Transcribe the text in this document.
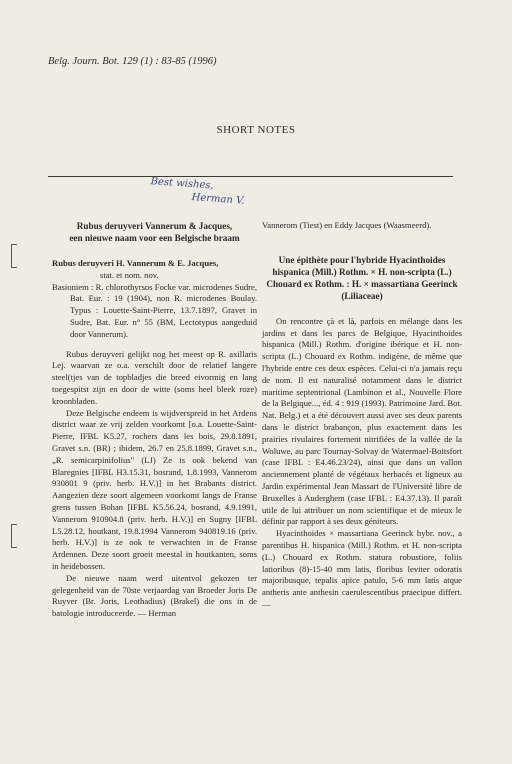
Belg. Journ. Bot. 129 (1) : 83-85 (1996)
SHORT NOTES
Best wishes,
Herman V.

Rubus deruyveri Vannerum & Jacques,
een nieuwe naam voor een Belgische braam

Rubus deruyveri H. Vannerum & E. Jacques,

stat. et nom. nov.

Basioniem : R. chlorothyrsos Focke var. microdenes Sudre, Bat. Eur. : 19 (1904), non R. microdenes Boulay. Typus : Louette-Saint-Pierre, 13.7.1897, Gravet in Sudre, Bat. Eur. n° 55 (BM, Lectotypus aangeduid door Vannerum).

Rubus deruyveri gelijkt nog het meest op R. axillaris Lej. waarvan ze o.a. verschilt door de relatief langere steel(tjes van de topbladjes die breed eivormig en lang toegespitst zijn en door de witte (soms heel bleek roze) kroonbladen.

Deze Belgische endeem is wijdverspreid in het Ardens district waar ze vrij zelden voorkomt [o.a. Louette-Saint-Pierre, IFBL K5.27, rochers dans les bois, 29.8.1891, Gravet s.n. (BR) ; ibidem, 26.7 en 25.8.1899, Gravet s.n., „R. semicarpinifolius" (LJ) Ze is ook bekend van Blaregnies [IFBL H3.15.31, bosrand, 1.8.1993, Vannerom 930801 9 (priv. herb. H.V.)] in het Brabants district. Aangezien deze soort algemeen voorkomt langs de Franse grens tussen Bohan [IFBL K5.56.24, bosrand, 4.9.1991, Vannerom 910904.8 (priv. herb. H.V.)] en Sugny [IFBL L5.28.12, houtkant, 19.8.1994 Vannerom 940819.16 (priv. herb. H.V.)] is ze ook te verwachten in de Franse Ardennen. Deze soort groeit meestal in houtkanten, soms in heidebossen.

De nieuwe naam werd uitentvol gekozen ter gelegenheid van de 70ste verjaardag van Broeder Joris De Ruyver (Br. Joris, Leothadius) (Brakel) die ons in de batologie introduceerde. — Herman

Vannerom (Tiest) en Eddy Jacques (Waasmeerd).

Une épithète pour l'hybride Hyacinthoides hispanica (Mill.) Rothm. × H. non-scripta (L.) Chouard ex Rothm. : H. × massartiana Geerinck (Liliaceae)

On rencontre çà et là, parfois en mélange dans les jardins et dans les parcs de Belgique, Hyacinthoides hispanica (Mill.) Rothm. d'origine ibérique et H. non-scripta (L.) Chouard ex Rothm. indigène, de même que l'hybride entre ces deux espèces. Celui-ci n'a jamais reçu de nom. Il est naturalisé notamment dans le district maritime septentrional (Lambinon et al., Nouvelle Flore de la Belgique..., éd. 4 : 919 (1993). Patrimoine Jard. Bot. Nat. Belg.) et a été découvert aussi avec ses deux parents dans le district brabançon, plus exactement dans les prairies rivulaires fortement nitrifiées de la vallée de la Woluwe, au parc Tournay-Solvay de Watermael-Boitsfort (case IFBL : E4.46.23/24), ainsi que dans un vallon anciennement planté de végétaux herbacés et ligneux au Jardin expérimental Jean Massart de l'Université libre de Bruxelles à Auderghem (case IFBL : E4.37.13). Il paraît utile de lui attribuer un nom scientifique et de mieux le définir par rapport à ses deux géniteurs.

Hyacinthoides × massartiana Geerinck hybr. nov., a parentibus H. hispanica (Mill.) Rothm. et H. non-scripta (L.) Chouard ex Rothm. statura robustiore, foliis latioribus (8)-15-40 mm latis, floribus leviter odoratis majoribusque, tepalis apice patulo, 5-6 mm latis atque antheris ante anthesin caerulescentibus praecipue differt. —
